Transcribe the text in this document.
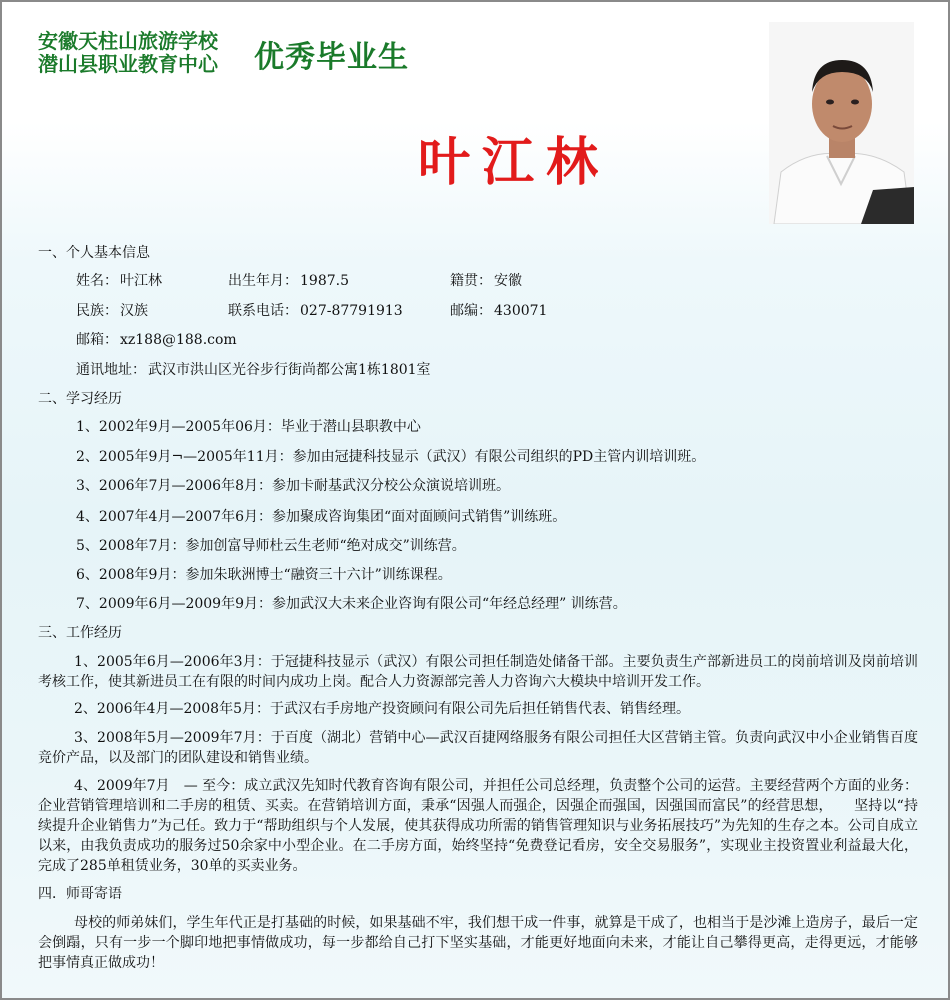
安徽天柱山旅游学校
潜山县职业教育中心 优秀毕业生
叶江林
一、个人基本信息
姓名： 叶江林	出生年月： 1987.5	籍贯： 安徽
民族： 汉族	联系电话： 027-87791913	邮编： 430071
邮箱： xz188@188.com
通讯地址： 武汉市洪山区光谷步行街尚都公寓1栋1801室
二、学习经历
1、2002年9月—2005年06月：毕业于潜山县职教中心
2、2005年9月¬—2005年11月：参加由冠捷科技显示（武汉）有限公司组织的PD主管内训培训班。
3、2006年7月—2006年8月：参加卡耐基武汉分校公众演说培训班。
4、2007年4月—2007年6月：参加聚成咨询集团“面对面顾问式销售”训练班。
5、2008年7月：参加创富导师杜云生老师“绝对成交”训练营。
6、2008年9月：参加朱耿洲博士“融资三十六计”训练课程。
7、2009年6月—2009年9月：参加武汉大未来企业咨询有限公司“年经总经理” 训练营。
三、工作经历
1、2005年6月—2006年3月：于冠捷科技显示（武汉）有限公司担任制造处储备干部。主要负责生产部新进员工的岗前培训及岗前培训考核工作，使其新进员工在有限的时间内成功上岗。配合人力资源部完善人力咨询六大模块中培训开发工作。
2、2006年4月—2008年5月：于武汉右手房地产投资顾问有限公司先后担任销售代表、销售经理。
3、2008年5月—2009年7月：于百度（湖北）营销中心—武汉百捷网络服务有限公司担任大区营销主管。负责向武汉中小企业销售百度竞价产品，以及部门的团队建设和销售业绩。
4、2009年7月　— 至今：成立武汉先知时代教育咨询有限公司，并担任公司总经理，负责整个公司的运营。主要经营两个方面的业务：企业营销管理培训和二手房的租赁、买卖。在营销培训方面，秉承“因强人而强企，因强企而强国，因强国而富民”的经营思想，　　坚持以“持续提升企业销售力”为己任。致力于“帮助组织与个人发展，使其获得成功所需的销售管理知识与业务拓展技巧”为先知的生存之本。公司自成立以来，由我负责成功的服务过50余家中小型企业。在二手房方面，始终坚持“免费登记看房，安全交易服务”，实现业主投资置业利益最大化，完成了285单租赁业务，30单的买卖业务。
四．师哥寄语
母校的师弟妹们，学生年代正是打基础的时候，如果基础不牢，我们想干成一件事，就算是干成了，也相当于是沙滩上造房子，最后一定会倒蹋，只有一步一个脚印地把事情做成功，每一步都给自己打下坚实基础，才能更好地面向未来，才能让自己攀得更高，走得更远，才能够把事情真正做成功！
